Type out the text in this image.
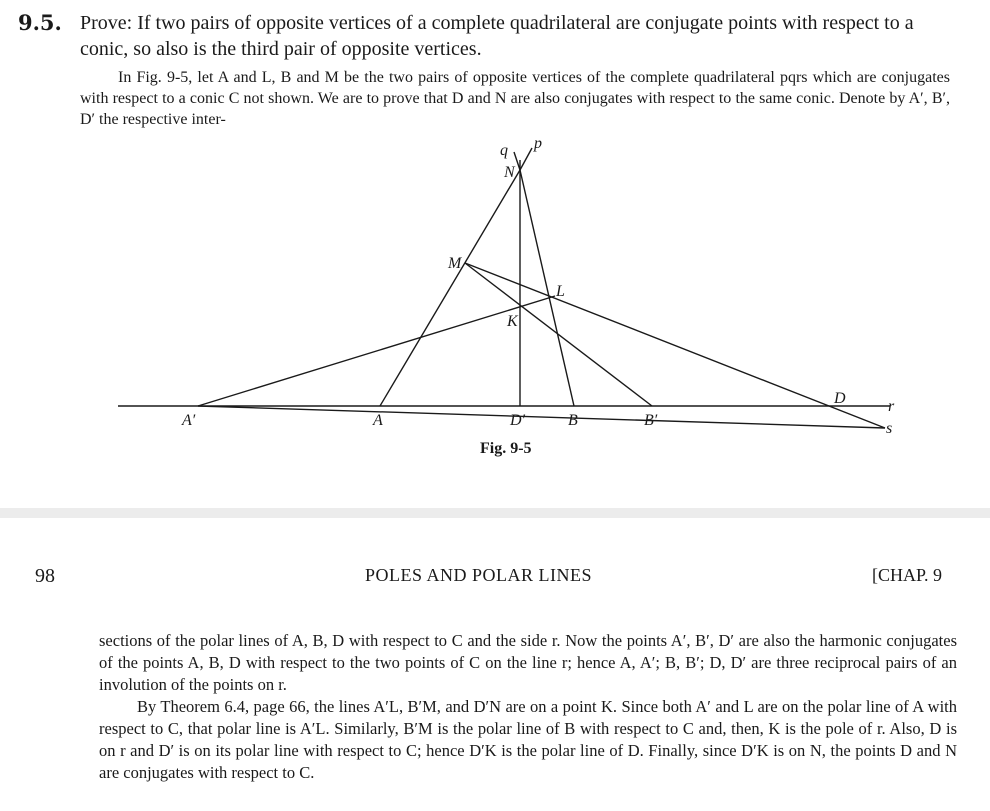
9.5. Prove: If two pairs of opposite vertices of a complete quadrilateral are conjugate points with respect to a conic, so also is the third pair of opposite vertices.

In Fig. 9-5, let A and L, B and M be the two pairs of opposite vertices of the complete quadrilateral pqrs which are conjugates with respect to a conic C not shown. We are to prove that D and N are also conjugates with respect to the same conic. Denote by A′, B′, D′ the respective inter-

q p
N
M
L
K
D	r
s
A′	A	D′	B	B′
Fig. 9-5
98	POLES AND POLAR LINES	[CHAP. 9

sections of the polar lines of A, B, D with respect to C and the side r. Now the points A′, B′, D′ are also the harmonic conjugates of the points A, B, D with respect to the two points of C on the line r; hence A, A′; B, B′; D, D′ are three reciprocal pairs of an involution of the points on r.

By Theorem 6.4, page 66, the lines A′L, B′M, and D′N are on a point K. Since both A′ and L are on the polar line of A with respect to C, that polar line is A′L. Similarly, B′M is the polar line of B with respect to C and, then, K is the pole of r. Also, D is on r and D′ is on its polar line with respect to C; hence D′K is the polar line of D. Finally, since D′K is on N, the points D and N are conjugates with respect to C.
